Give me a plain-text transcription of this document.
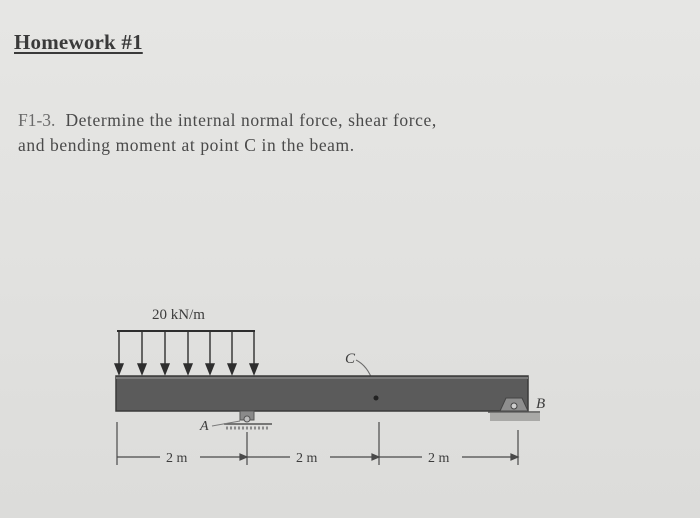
Homework #1
F1-3. Determine the internal normal force, shear force,
and bending moment at point C in the beam.
20 kN/m
C
A
B
2 m	2 m	2 m
